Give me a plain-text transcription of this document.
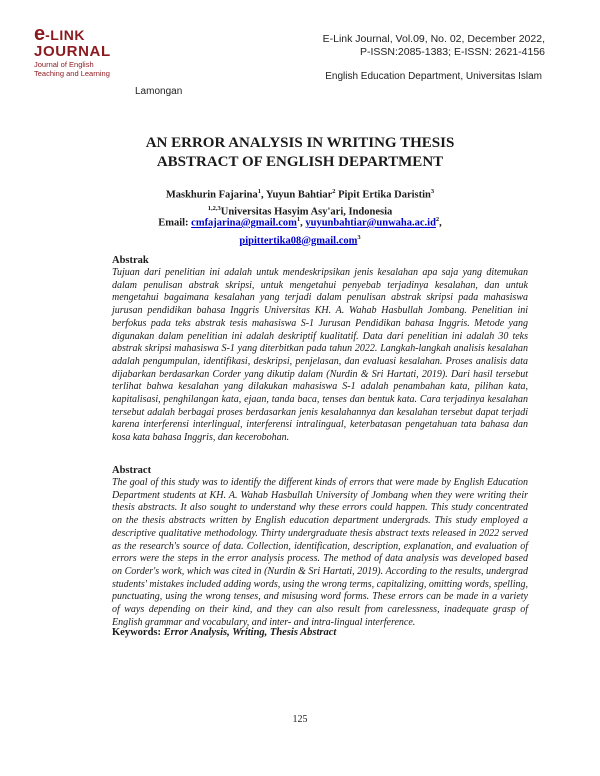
e -LINK
JOURNAL
Journal of English
Teaching and Learning
E-Link Journal, Vol.09, No. 02, December 2022,
P-ISSN:2085-1383; E-ISSN: 2621-4156
English Education Department, Universitas Islam
Lamongan
AN ERROR ANALYSIS IN WRITING THESIS
ABSTRACT OF ENGLISH DEPARTMENT
Maskhurin Fajarina$^1$, Yuyun Bahtiar$^2$ Pipit Ertika Daristin$^3$
$^{1,2,3}$Universitas Hasyim Asy'ari, Indonesia
Email: cmfajarina@gmail.com$^1$, $yuyunbahtiar@unwaha.ac.id^2$,
pipittertika08@gmail.com$^3$
Abstrak
Tujuan dari penelitian ini adalah untuk mendeskripsikan jenis kesalahan apa saja yang ditemukan dalam penulisan abstrak skripsi, untuk mengetahui penyebab terjadinya kesalahan, dan untuk mengetahui bagaimana kesalahan yang terjadi dalam penulisan abstrak skripsi pada mahasiswa jurusan pendidikan bahasa Inggris Universitas KH. A. Wahab Hasbullah Jombang. Penelitian ini berfokus pada teks abstrak tesis mahasiswa S-1 Jurusan Pendidikan bahasa Inggris. Metode yang digunakan dalam penelitian ini adalah deskriptif kualitatif. Data dari penelitian ini adalah 30 teks abstrak skripsi mahasiswa S-1 yang diterbitkan pada tahun 2022. Langkah-langkah analisis kesalahan adalah pengumpulan, identifikasi, deskripsi, penjelasan, dan evaluasi kesalahan. Proses analisis data dijabarkan berdasarkan Corder yang dikutip dalam (Nurdin & Sri Hartati, 2019). Dari hasil tersebut terlihat bahwa kesalahan yang dilakukan mahasiswa S-1 adalah penambahan kata, pilihan kata, kapitalisasi, penghilangan kata, ejaan, tanda baca, tenses dan bentuk kata. Cara terjadinya kesalahan tersebut adalah berbagai proses berdasarkan jenis kesalahannya dan kesalahan tersebut dapat terjadi karena interferensi interlingual, interferensi intralingual, keterbatasan pengetahuan tata bahasa dan kosa kata bahasa Inggris, dan kecerobohan.
Abstract
The goal of this study was to identify the different kinds of errors that were made by English Education Department students at KH. A. Wahab Hasbullah University of Jombang when they were writing their thesis abstracts. It also sought to understand why these errors could happen. This study concentrated on the thesis abstracts written by English education department undergrads. This study employed a descriptive qualitative methodology. Thirty undergraduate thesis abstract texts released in 2022 served as the research's source of data. Collection, identification, description, explanation, and evaluation of errors were the steps in the error analysis process. The method of data analysis was developed based on Corder's work, which was cited in (Nurdin & Sri Hartati, 2019). According to the results, undergrad students' mistakes included adding words, using the wrong terms, capitalizing, omitting words, spelling, punctuating, using the wrong tenses, and misusing word forms. These errors can be made in a variety of ways depending on their kind, and they can also result from carelessness, inadequate grasp of English grammar and vocabulary, and inter- and intra-lingual interference.
Keywords: Error Analysis, Writing, Thesis Abstract
125
